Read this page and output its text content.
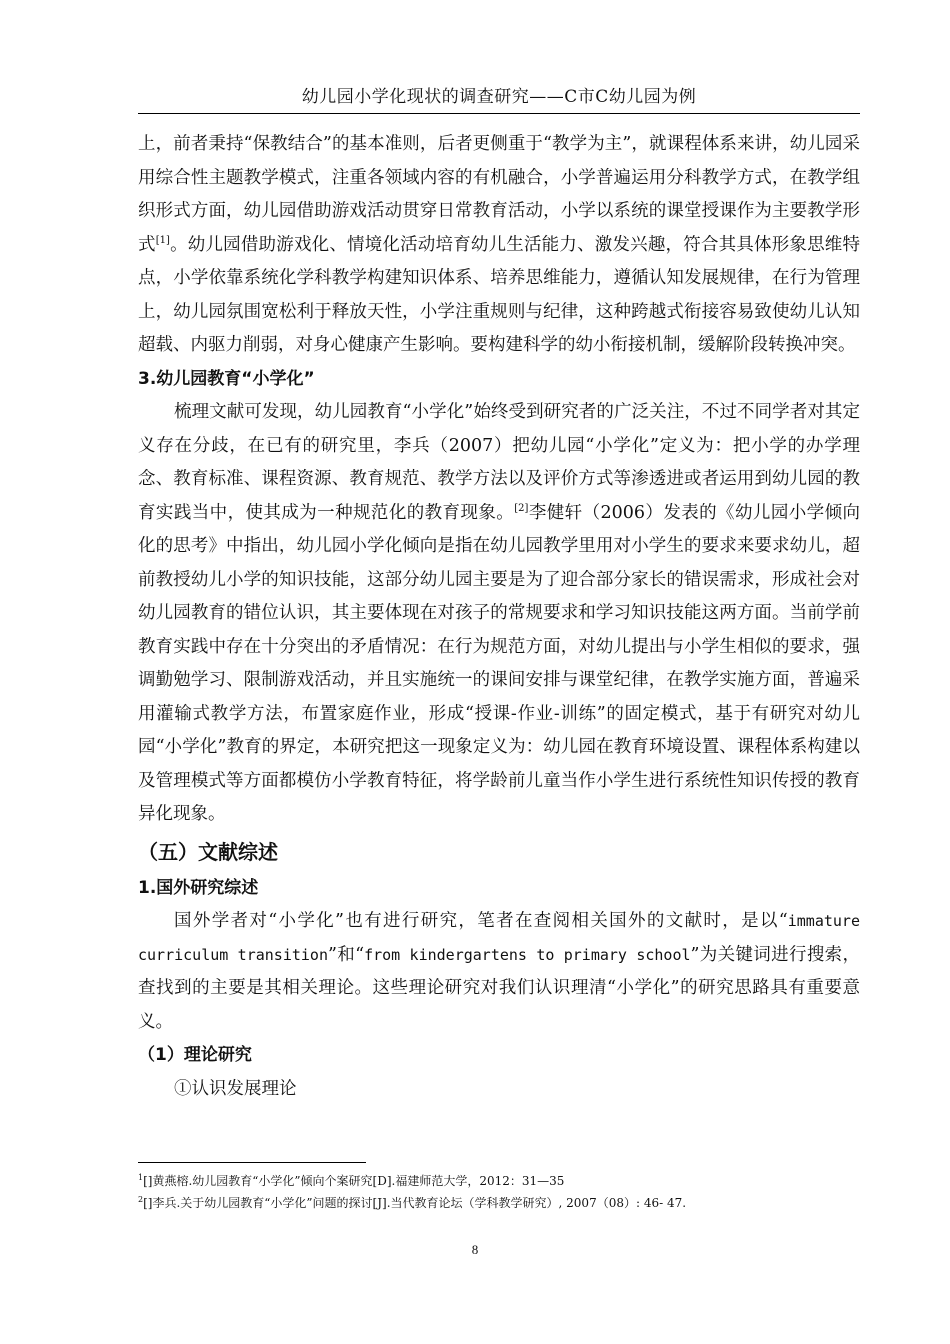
幼儿园小学化现状的调查研究——C市C幼儿园为例

上，前者秉持“保教结合”的基本准则，后者更侧重于“教学为主”，就课程体系来讲，幼儿园采用综合性主题教学模式，注重各领域内容的有机融合，小学普遍运用分科教学方式，在教学组织形式方面，幼儿园借助游戏活动贯穿日常教育活动，小学以系统的课堂授课作为主要教学形式[1]。幼儿园借助游戏化、情境化活动培育幼儿生活能力、激发兴趣，符合其具体形象思维特点，小学依靠系统化学科教学构建知识体系、培养思维能力，遵循认知发展规律，在行为管理上，幼儿园氛围宽松利于释放天性，小学注重规则与纪律，这种跨越式衔接容易致使幼儿认知超载、内驱力削弱，对身心健康产生影响。要构建科学的幼小衔接机制，缓解阶段转换冲突。

3.幼儿园教育“小学化”

梳理文献可发现，幼儿园教育“小学化”始终受到研究者的广泛关注，不过不同学者对其定义存在分歧，在已有的研究里，李兵（2007）把幼儿园“小学化”定义为：把小学的办学理念、教育标准、课程资源、教育规范、教学方法以及评价方式等渗透进或者运用到幼儿园的教育实践当中，使其成为一种规范化的教育现象。[2]李健轩（2006）发表的《幼儿园小学倾向化的思考》中指出，幼儿园小学化倾向是指在幼儿园教学里用对小学生的要求来要求幼儿，超前教授幼儿小学的知识技能，这部分幼儿园主要是为了迎合部分家长的错误需求，形成社会对幼儿园教育的错位认识，其主要体现在对孩子的常规要求和学习知识技能这两方面。当前学前教育实践中存在十分突出的矛盾情况：在行为规范方面，对幼儿提出与小学生相似的要求，强调勤勉学习、限制游戏活动，并且实施统一的课间安排与课堂纪律，在教学实施方面，普遍采用灌输式教学方法，布置家庭作业，形成“授课-作业-训练”的固定模式，基于有研究对幼儿园“小学化”教育的界定，本研究把这一现象定义为：幼儿园在教育环境设置、课程体系构建以及管理模式等方面都模仿小学教育特征，将学龄前儿童当作小学生进行系统性知识传授的教育异化现象。

（五）文献综述

1.国外研究综述

国外学者对“小学化”也有进行研究，笔者在查阅相关国外的文献时，是以“immature curriculum transition”和“from kindergartens to primary school”为关键词进行搜索，查找到的主要是其相关理论。这些理论研究对我们认识理清“小学化”的研究思路具有重要意义。

（1）理论研究

①认识发展理论

$^1$[]黄燕榕.幼儿园教育“小学化”倾向个案研究[D].福建师范大学，2012：31—35

$^2$[]李兵.关于幼儿园教育“小学化”问题的探讨[J].当代教育论坛（学科教学研究）, 2007（08）: 46- 47.

8
